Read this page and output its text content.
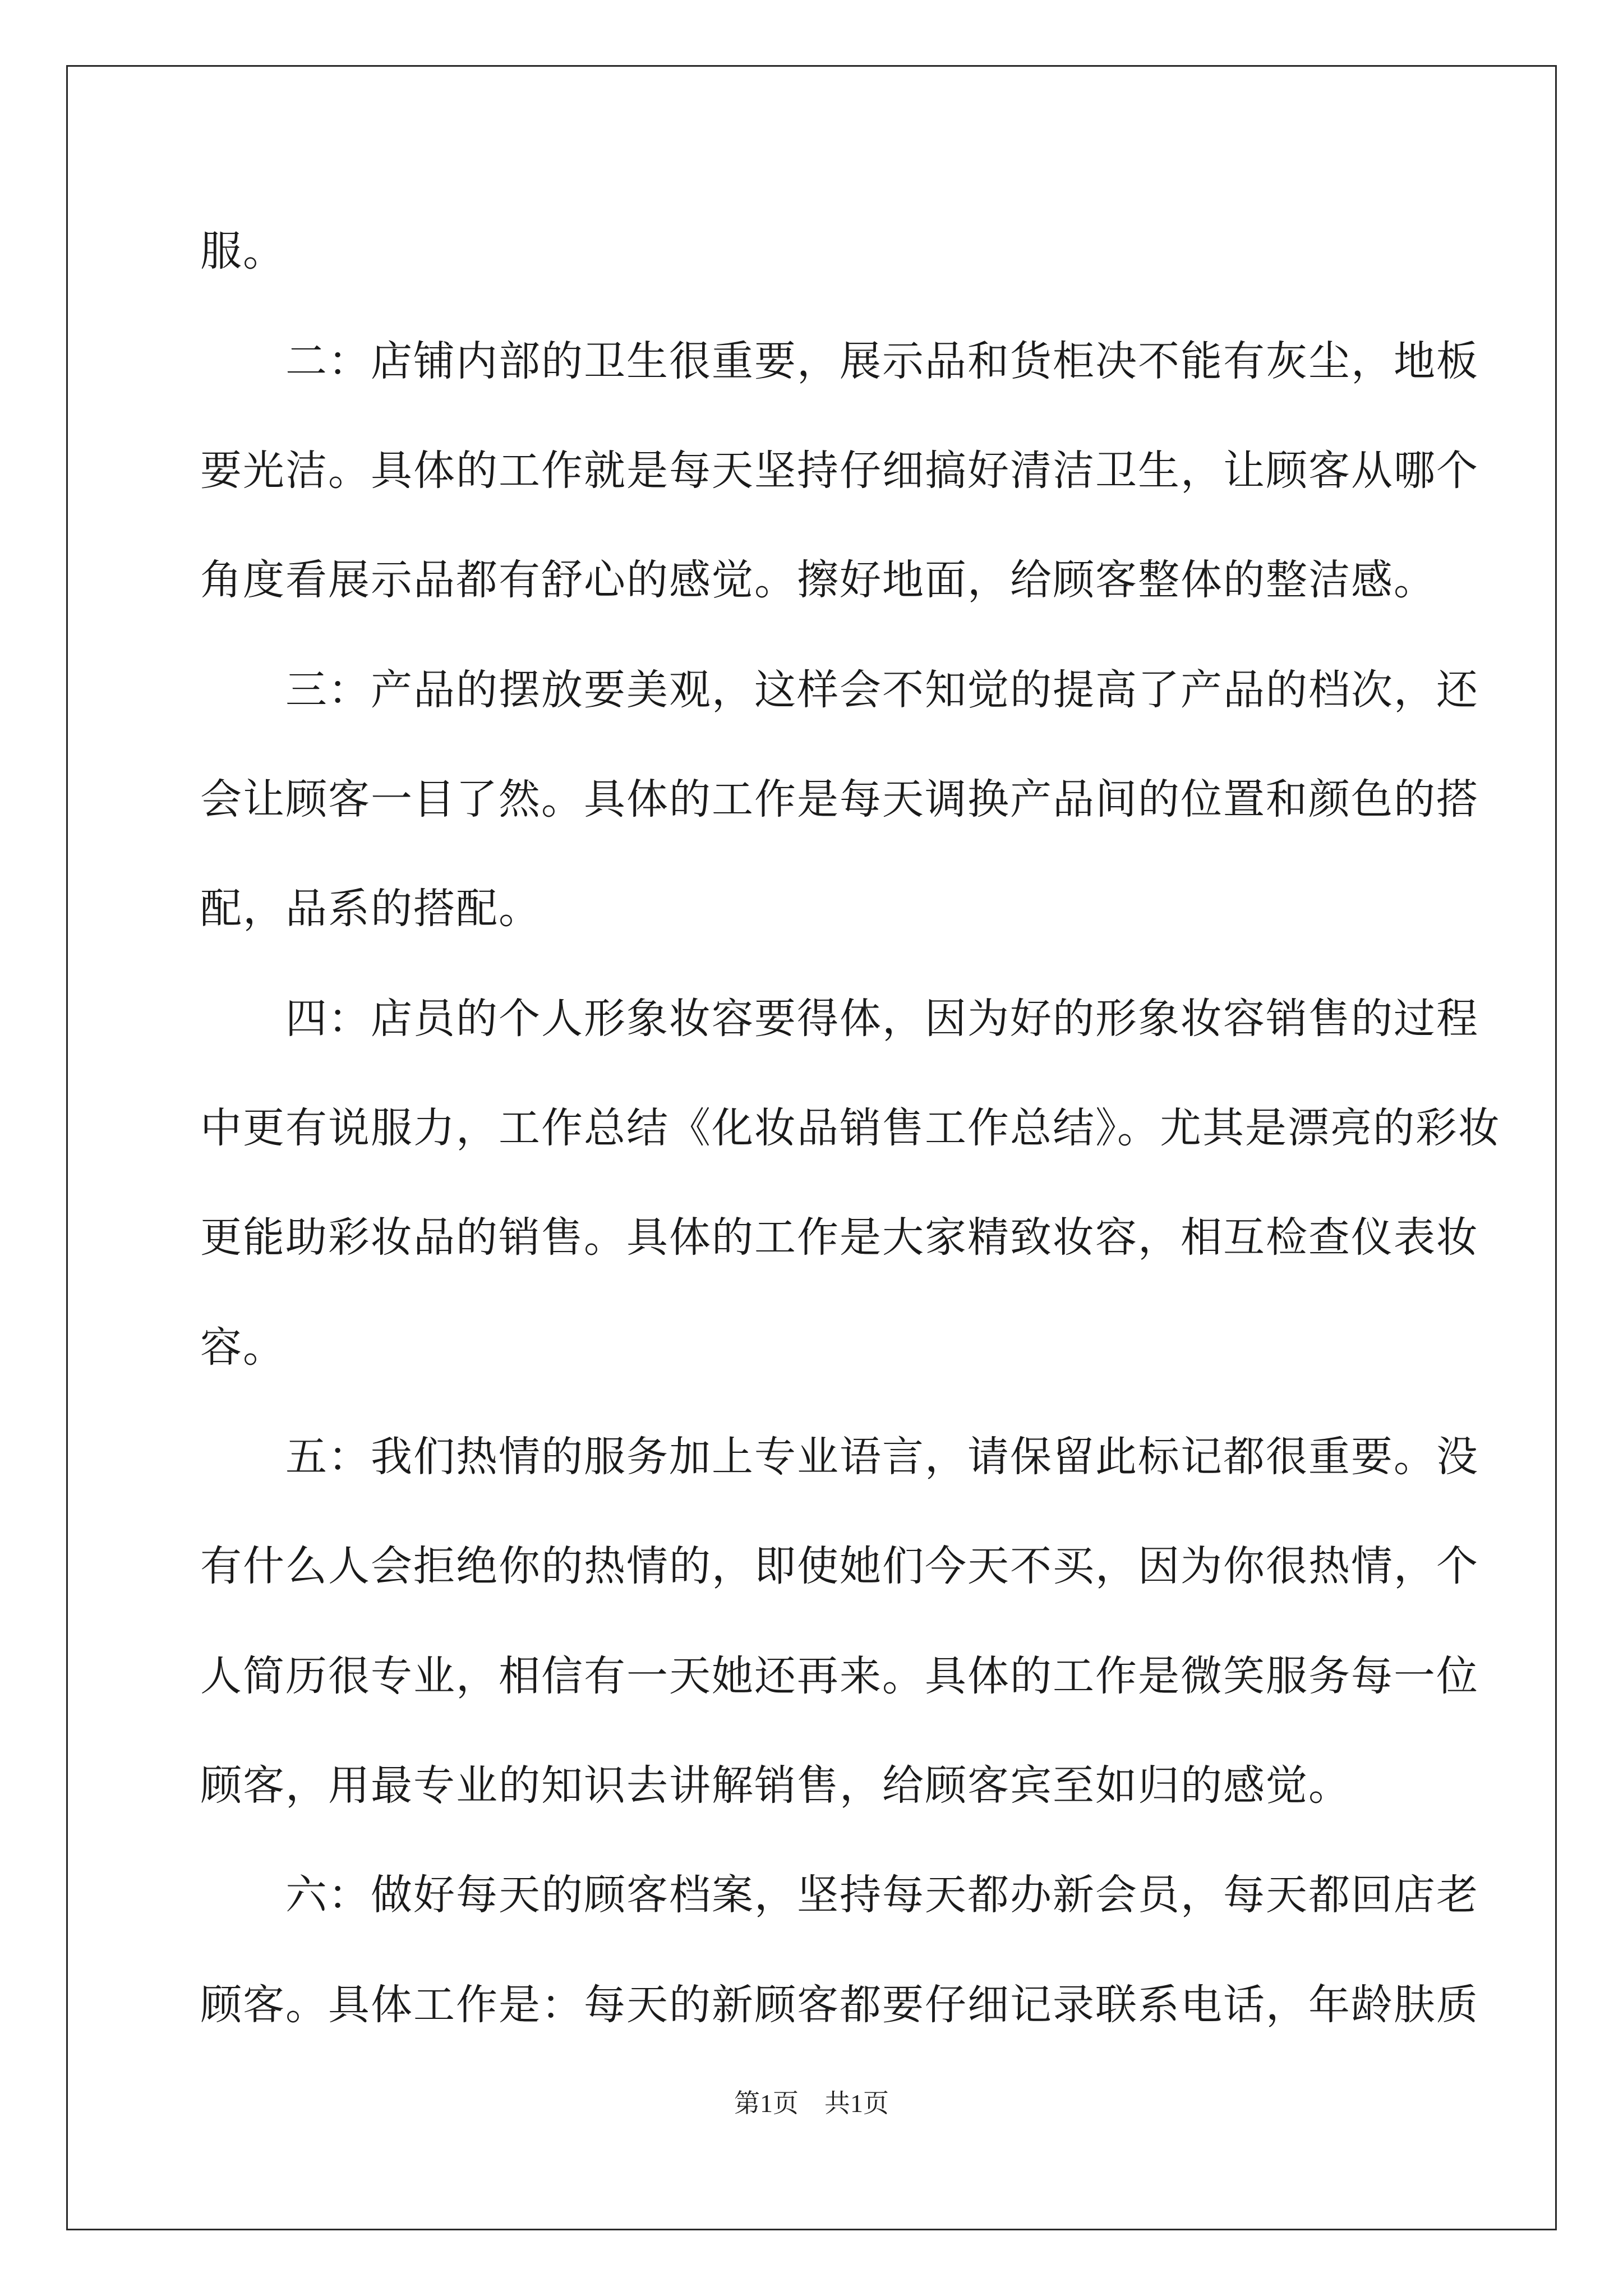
服。
　　二：店铺内部的卫生很重要，展示品和货柜决不能有灰尘，地板
要光洁。具体的工作就是每天坚持仔细搞好清洁卫生，让顾客从哪个
角度看展示品都有舒心的感觉。擦好地面，给顾客整体的整洁感。
　　三：产品的摆放要美观，这样会不知觉的提高了产品的档次，还
会让顾客一目了然。具体的工作是每天调换产品间的位置和颜色的搭
配，品系的搭配。
　　四：店员的个人形象妆容要得体，因为好的形象妆容销售的过程
中更有说服力，工作总结《化妆品销售工作总结》。尤其是漂亮的彩妆
更能助彩妆品的销售。具体的工作是大家精致妆容，相互检查仪表妆
容。
　　五：我们热情的服务加上专业语言，请保留此标记都很重要。没
有什么人会拒绝你的热情的，即使她们今天不买，因为你很热情，个
人简历很专业，相信有一天她还再来。具体的工作是微笑服务每一位
顾客，用最专业的知识去讲解销售，给顾客宾至如归的感觉。
　　六：做好每天的顾客档案，坚持每天都办新会员，每天都回店老
顾客。具体工作是：每天的新顾客都要仔细记录联系电话，年龄肤质
第1页　共1页
